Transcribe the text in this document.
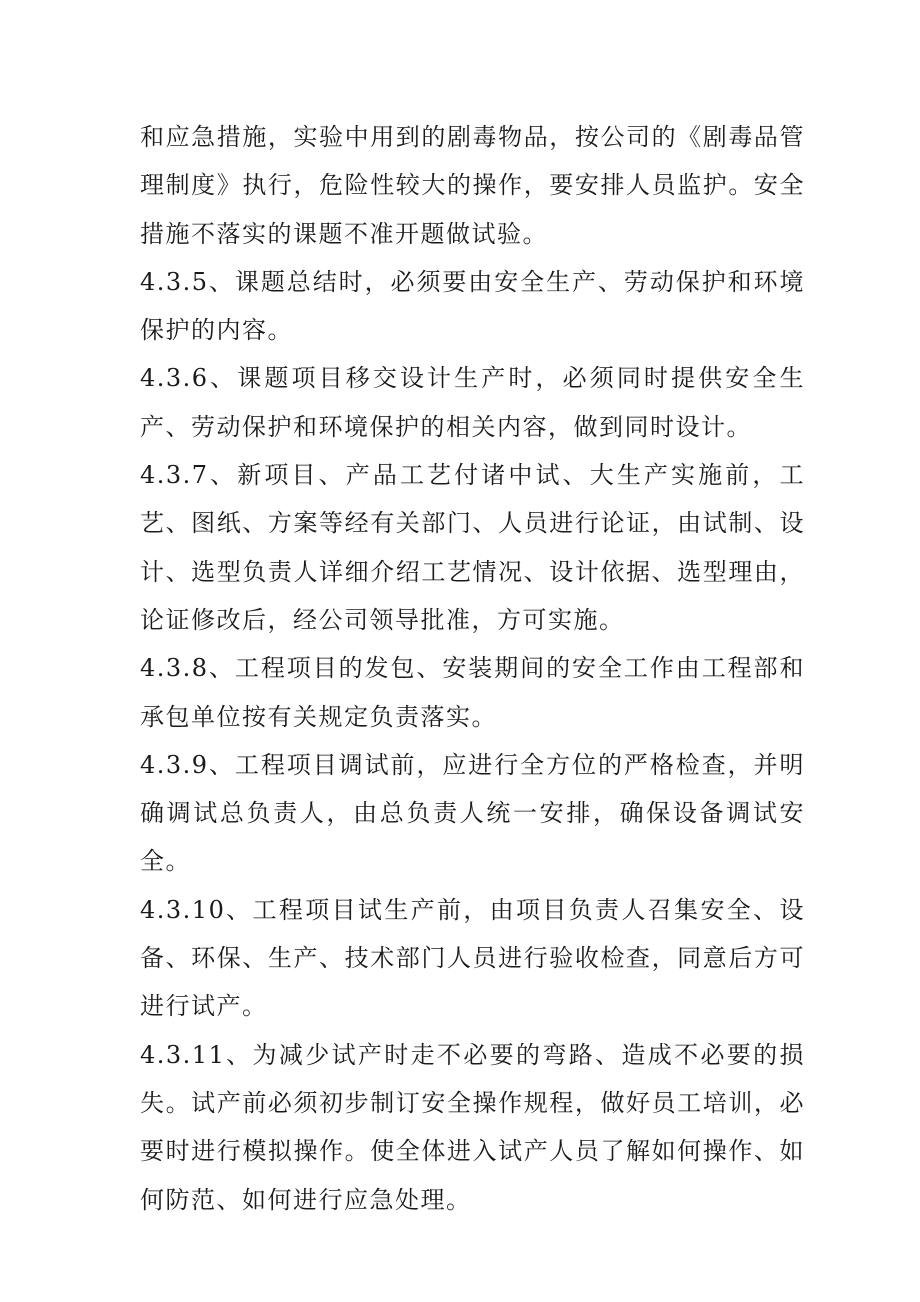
和应急措施，实验中用到的剧毒物品，按公司的《剧毒品管理制度》执行，危险性较大的操作，要安排人员监护。安全措施不落实的课题不准开题做试验。

4.3.5、课题总结时，必须要由安全生产、劳动保护和环境保护的内容。

4.3.6、课题项目移交设计生产时，必须同时提供安全生产、劳动保护和环境保护的相关内容，做到同时设计。

4.3.7、新项目、产品工艺付诸中试、大生产实施前，工艺、图纸、方案等经有关部门、人员进行论证，由试制、设计、选型负责人详细介绍工艺情况、设计依据、选型理由，论证修改后，经公司领导批准，方可实施。

4.3.8、工程项目的发包、安装期间的安全工作由工程部和承包单位按有关规定负责落实。

4.3.9、工程项目调试前，应进行全方位的严格检查，并明确调试总负责人，由总负责人统一安排，确保设备调试安全。

4.3.10、工程项目试生产前，由项目负责人召集安全、设备、环保、生产、技术部门人员进行验收检查，同意后方可进行试产。

4.3.11、为减少试产时走不必要的弯路、造成不必要的损失。试产前必须初步制订安全操作规程，做好员工培训，必要时进行模拟操作。使全体进入试产人员了解如何操作、如何防范、如何进行应急处理。
